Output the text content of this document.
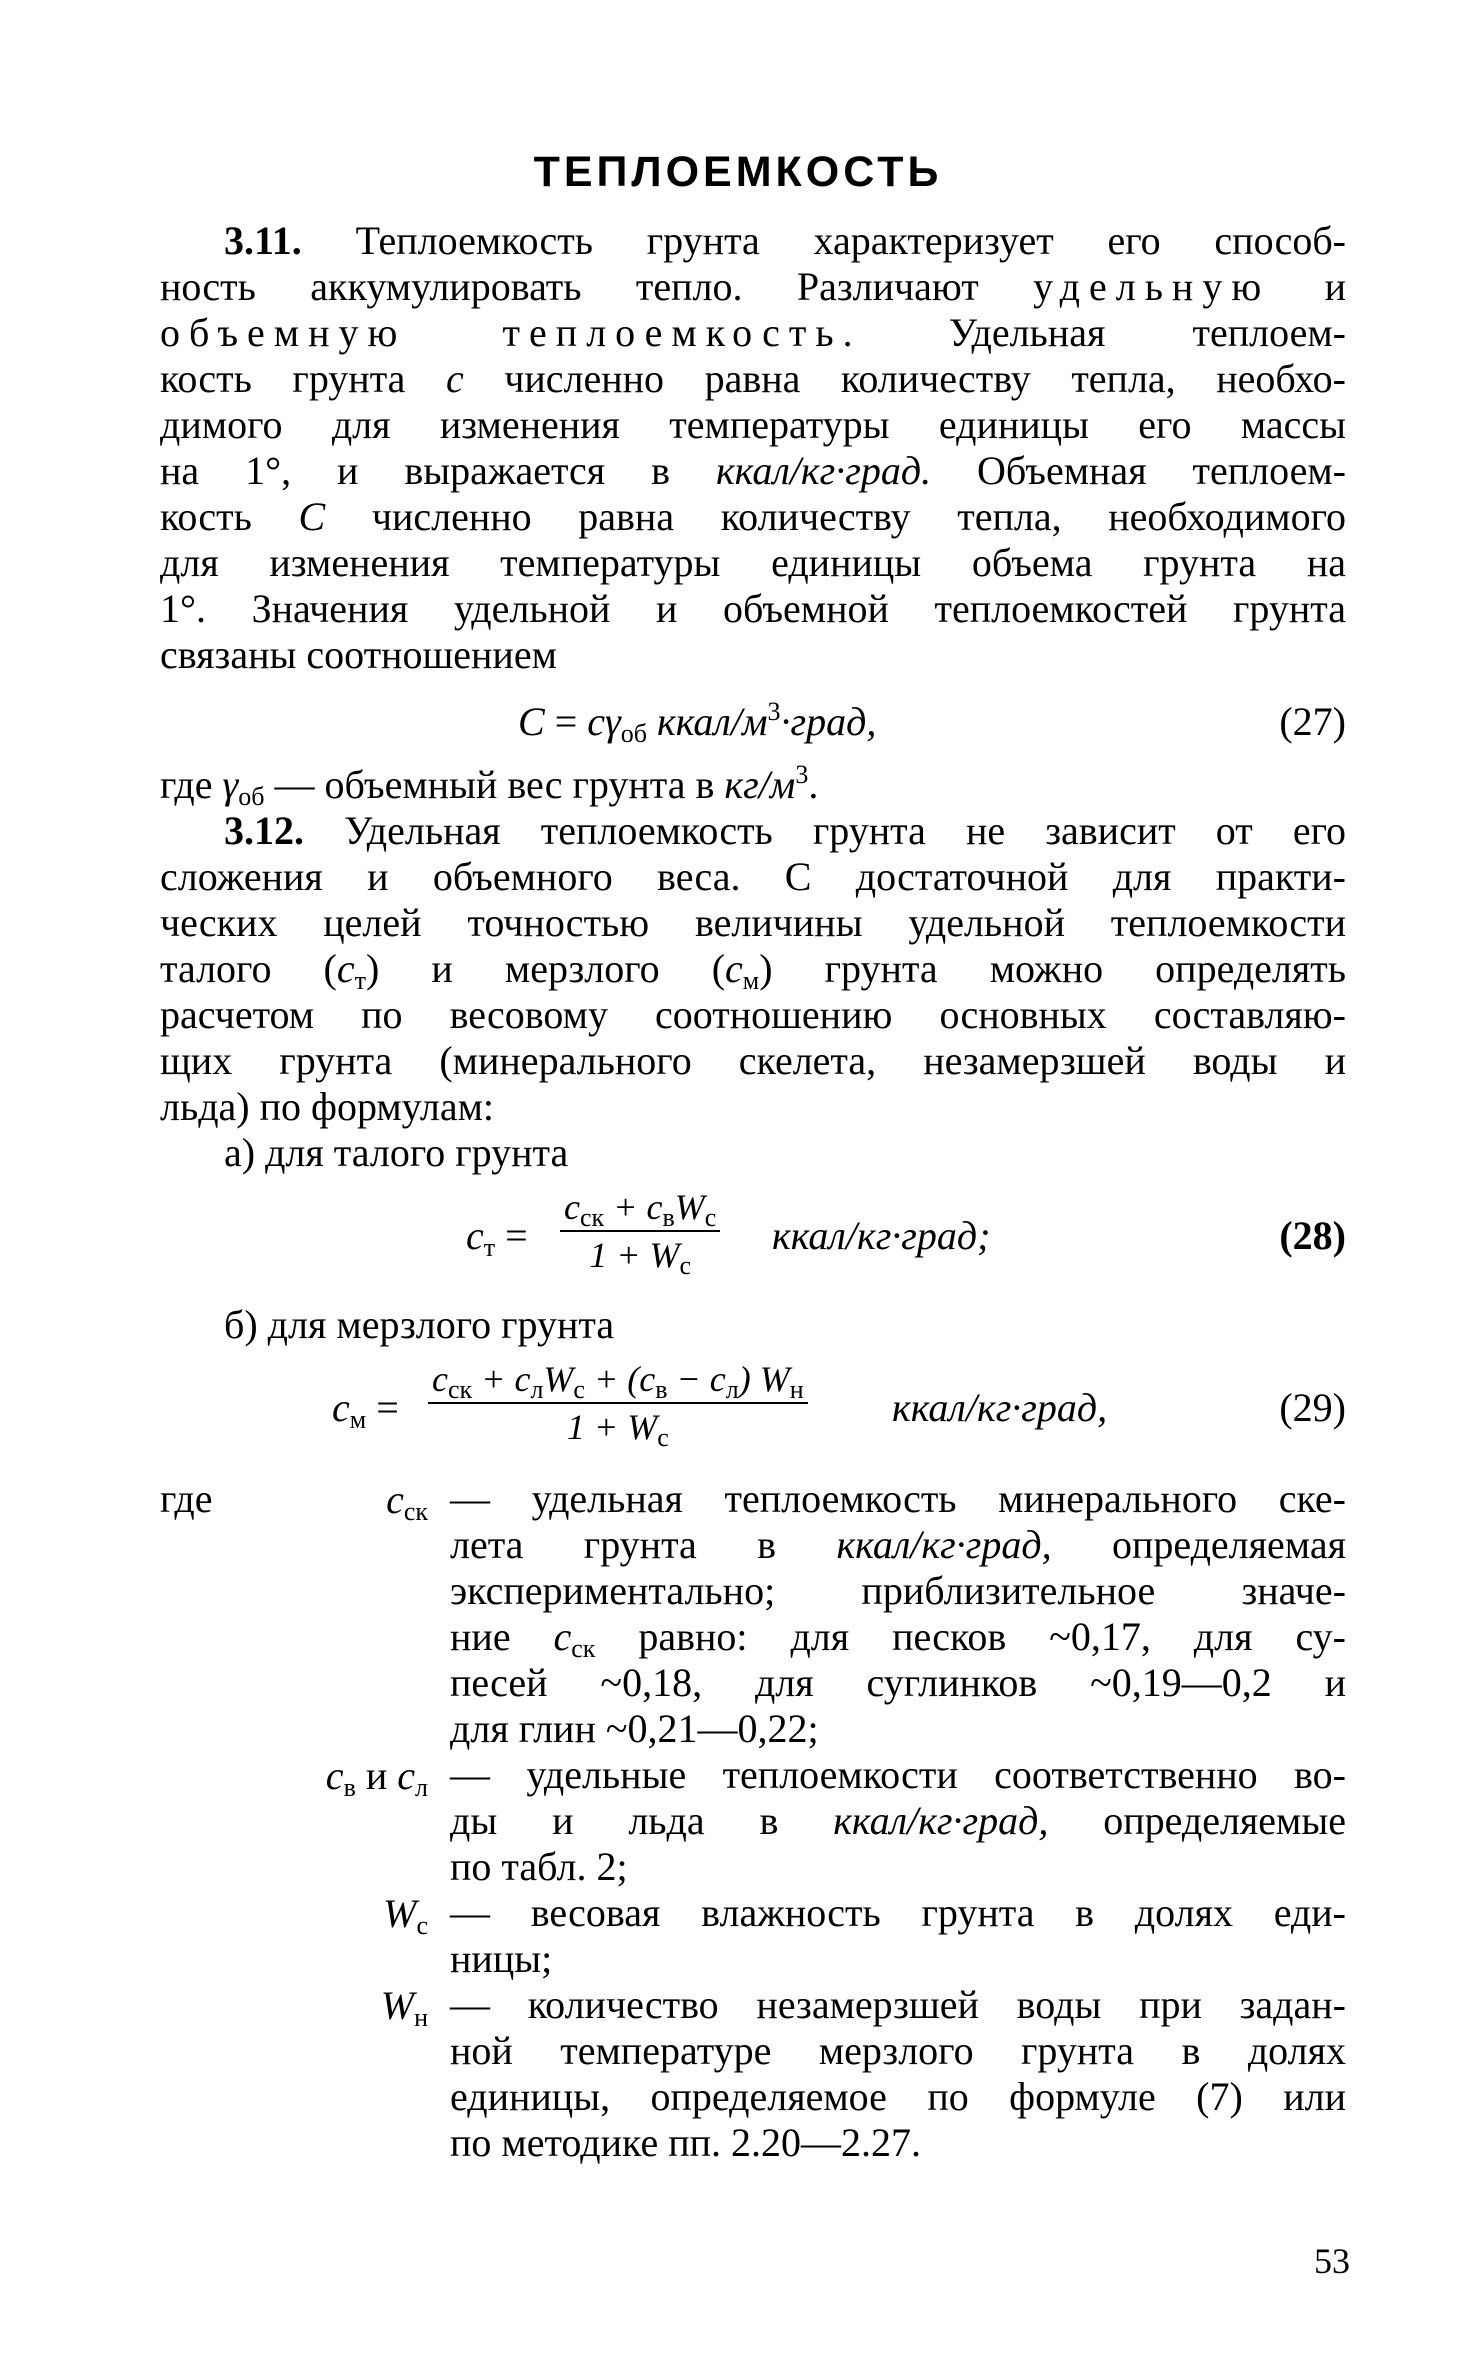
ТЕПЛОЕМКОСТЬ
3.11. Теплоемкость грунта характеризует его способ-
ность аккумулировать тепло. Различают удельную и
объемную теплоемкость. Удельная теплоем-
кость грунта с численно равна количеству тепла, необхо-
димого для изменения температуры единицы его массы
на 1°, и выражается в ккал/кг·град. Объемная теплоем-
кость С численно равна количеству тепла, необходимого
для изменения температуры единицы объема грунта на
1°. Значения удельной и объемной теплоемкостей грунта
связаны соотношением
$C = c\gamma_{об}$ ккал/$м^3\cdot град$,	(27)
где $\gamma_{об}$ — объемный вес грунта в $кг/м^3$.
3.12. Удельная теплоемкость грунта не зависит от его
сложения и объемного веса. С достаточной для практи-
ческих целей точностью величины удельной теплоемкости
талого $(с_т)$ и мерзлого $(с_м)$ грунта можно определять
расчетом по весовому соотношению основных составляю-
щих грунта (минерального скелета, незамерзшей воды и
льда) по формулам:
а) для талого грунта
$c_т$ =
$c_{ск} + c_вW_c$
$1 + W_c$
ккал/кг·град;	(28)
б) для мерзлого грунта
$c_м$ =
$c_{ск} + c_лW_c + (c_в - c_л)$ $W_н$
$1 + W_c$
ккал/кг·град,	(29)
где	$c_{ск}$ — удельная теплоемкость минерального ске-
лета грунта в ккал/кг·град, определяемая
экспериментально; приблизительное значе-
ние $с_{ск}$ равно: для песков ~0,17, для су-
песей ~0,18, для суглинков ~0,19—0,2 и
для глин ~0,21—0,22;
$c_в$ и $c_л$ — удельные теплоемкости соответственно во-
ды и льда в ккал/кг·град, определяемые
по табл. 2;
$W_c$ — весовая влажность грунта в долях еди-
ницы;
$W_н$ — количество незамерзшей воды при задан-
ной температуре мерзлого грунта в долях
единицы, определяемое по формуле (7) или
по методике пп. 2.20—2.27.
53
